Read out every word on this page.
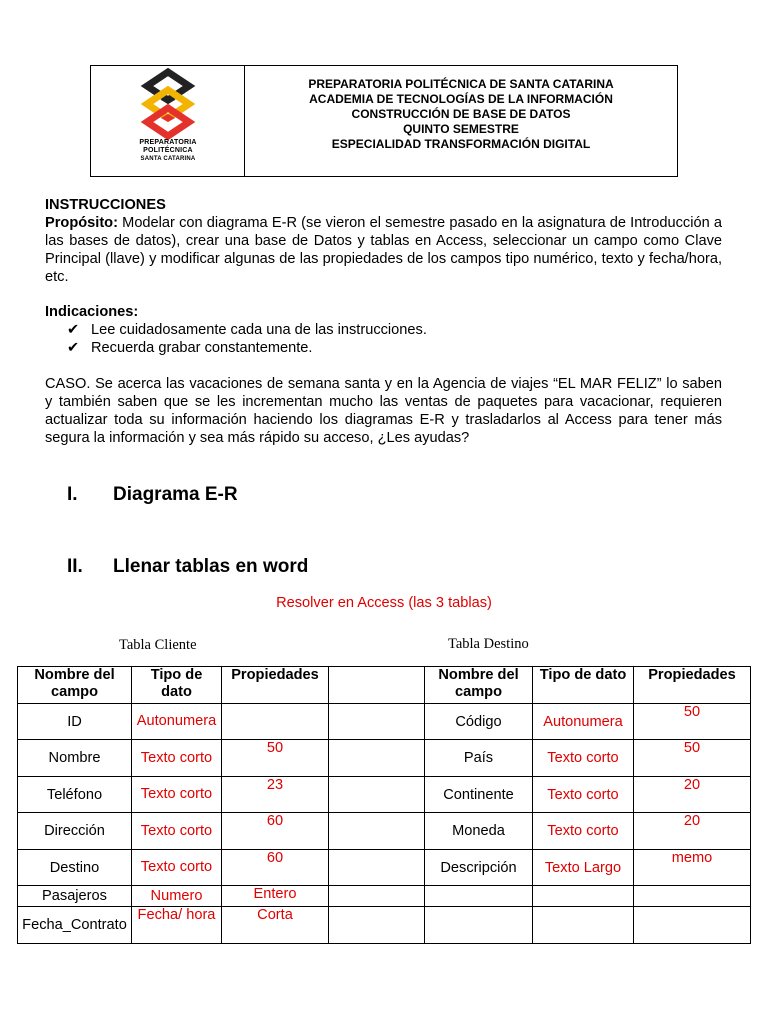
PREPARATORIA
POLITÉCNICA
SANTA CATARINA
PREPARATORIA POLITÉCNICA DE SANTA CATARINA
ACADEMIA DE TECNOLOGÍAS DE LA INFORMACIÓN
CONSTRUCCIÓN DE BASE DE DATOS
QUINTO SEMESTRE
ESPECIALIDAD TRANSFORMACIÓN DIGITAL
INSTRUCCIONES
Propósito: Modelar con diagrama E-R (se vieron el semestre pasado en la asignatura de Introducción a las bases de datos), crear una base de Datos y tablas en Access, seleccionar un campo como Clave Principal (llave) y modificar algunas de las propiedades de los campos tipo numérico, texto y fecha/hora, etc.
Indicaciones:
✔ Lee cuidadosamente cada una de las instrucciones.
✔ Recuerda grabar constantemente.
CASO. Se acerca las vacaciones de semana santa y en la Agencia de viajes “EL MAR FELIZ” lo saben y también saben que se les incrementan mucho las ventas de paquetes para vacacionar, requieren actualizar toda su información haciendo los diagramas E-R y trasladarlos al Access para tener más segura la información y sea más rápido su acceso, ¿Les ayudas?
I.	Diagrama E-R
II.	Llenar tablas en word
Resolver en Access (las 3 tablas)
Tabla Cliente	Tabla Destino
Nombre del campo	Tipo de dato	Propiedades		Nombre del campo	Tipo de dato	Propiedades
ID	Autonumera			Código	Autonumera	50
Nombre	Texto corto	50		País	Texto corto	50
Teléfono	Texto corto	23		Continente	Texto corto	20
Dirección	Texto corto	60		Moneda	Texto corto	20
Destino	Texto corto	60		Descripción	Texto Largo	memo
Pasajeros	Numero	Entero				
Fecha_Contrato	Fecha/ hora	Corta				
